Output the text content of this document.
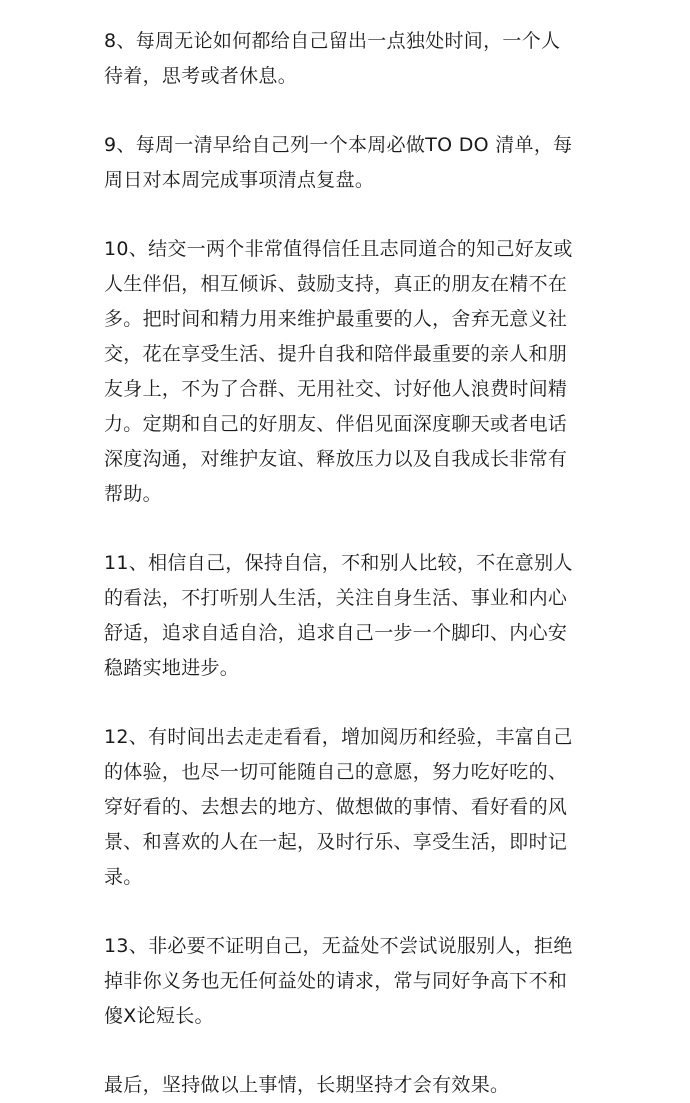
8、每周无论如何都给自己留出一点独处时间，一个人
待着，思考或者休息。

9、每周一清早给自己列一个本周必做TO DO 清单，每
周日对本周完成事项清点复盘。

10、结交一两个非常值得信任且志同道合的知己好友或
人生伴侣，相互倾诉、鼓励支持，真正的朋友在精不在
多。把时间和精力用来维护最重要的人，舍弃无意义社
交，花在享受生活、提升自我和陪伴最重要的亲人和朋
友身上，不为了合群、无用社交、讨好他人浪费时间精
力。定期和自己的好朋友、伴侣见面深度聊天或者电话
深度沟通，对维护友谊、释放压力以及自我成长非常有
帮助。

11、相信自己，保持自信，不和别人比较，不在意别人
的看法，不打听别人生活，关注自身生活、事业和内心
舒适，追求自适自洽，追求自己一步一个脚印、内心安
稳踏实地进步。

12、有时间出去走走看看，增加阅历和经验，丰富自己
的体验，也尽一切可能随自己的意愿，努力吃好吃的、
穿好看的、去想去的地方、做想做的事情、看好看的风
景、和喜欢的人在一起，及时行乐、享受生活，即时记
录。

13、非必要不证明自己，无益处不尝试说服别人，拒绝
掉非你义务也无任何益处的请求，常与同好争高下不和
傻X论短长。

最后，坚持做以上事情，长期坚持才会有效果。
